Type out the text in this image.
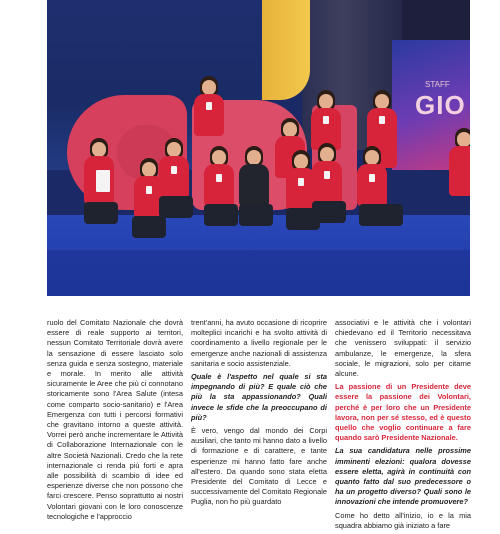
STAFF
GIO

ruolo del Comitato Nazionale che dovrà essere di reale supporto ai territori, nessun Comitato Territoriale dovrà avere la sensazione di essere lasciato solo senza guida e senza sostegno, materiale e morale. In merito alle attività sicuramente le Aree che più ci connotano storicamente sono l'Area Salute (intesa come comparto socio-sanitario) e l'Area Emergenza con tutti i percorsi formativi che gravitano intorno a queste attività. Vorrei però anche incrementare le Attività di Collaborazione Internazionale con le altre Società Nazionali. Credo che la rete internazionale ci renda più forti e apra alle possibilità di scambio di idee ed esperienze diverse che non possono che farci crescere. Penso soprattutto ai nostri Volontari giovani con le loro conoscenze tecnologiche e l'approccio

trent'anni, ha avuto occasione di ricoprire molteplici incarichi e ha svolto attività di coordinamento a livello regionale per le emergenze anche nazionali di assistenza sanitaria e socio assistenziale.

Quale è l'aspetto nel quale si sta impegnando di più? E quale ciò che più la sta appassionando? Quali invece le sfide che la preoccupano di più?

È vero, vengo dal mondo dei Corpi ausiliari, che tanto mi hanno dato a livello di formazione e di carattere, e tante esperienze mi hanno fatto fare anche all'estero. Da quando sono stata eletta Presidente del Comitato di Lecce e successivamente del Comitato Regionale Puglia, non ho più guardato

associativi e le attività che i volontari chiedevano ed il Territorio necessitava che venissero sviluppati: il servizio ambulanze, le emergenze, la sfera sociale, le migrazioni, solo per citarne alcune.

La passione di un Presidente deve essere la passione dei Volontari, perché è per loro che un Presidente lavora, non per sé stesso, ed è questo quello che voglio continuare a fare quando sarò Presidente Nazionale.

La sua candidatura nelle prossime imminenti elezioni: qualora dovesse essere eletta, agirà in continuità con quanto fatto dal suo predecessore o ha un progetto diverso? Quali sono le innovazioni che intende promuovere?

Come ho detto all'inizio, io e la mia squadra abbiamo già iniziato a fare
